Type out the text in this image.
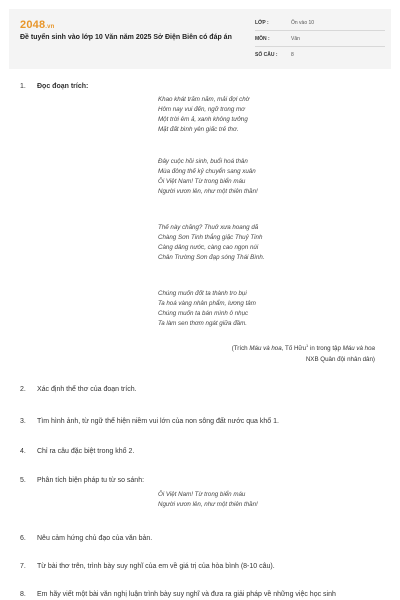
2048.vn
Đề tuyển sinh vào lớp 10 Văn năm 2025 Sở Điện Biên có đáp án
LỚP :	Ôn vào 10
MÔN :	Văn
SỐ CÂU :	8
1. Đọc đoạn trích:
Khao khát trăm năm, mải đợi chờ
Hôm nay vui đến, ngỡ trong mơ
Một trời êm ả, xanh không tưởng
Mặt đất bình yên giấc trẻ thơ.
Đây cuộc hồi sinh, buổi hoá thân
Mùa đông thế kỷ chuyển sang xuân
Ôi Việt Nam! Từ trong biển máu
Người vươn lên, như một thiên thần!
Thế này chăng? Thuở xưa hoang dã
Chàng Sơn Tinh thắng giặc Thuỷ Tinh
Càng dâng nước, càng cao ngọn núi
Chân Trường Sơn đạp sóng Thái Bình.
Chúng muốn đốt ta thành tro bụi
Ta hoá vàng nhân phẩm, lương tâm
Chúng muốn ta bán mình ô nhục
Ta làm sen thơm ngát giữa đầm.
(Trích Máu và hoa, Tố Hữu$^1$ in trong tập Máu và hoa
NXB Quân đội nhân dân)
2. Xác định thể thơ của đoạn trích.
3. Tìm hình ảnh, từ ngữ thể hiện niềm vui lớn của non sông đất nước qua khổ 1.
4. Chỉ ra câu đặc biệt trong khổ 2.
5. Phân tích biện pháp tu từ so sánh:
Ôi Việt Nam! Từ trong biển máu
Người vươn lên, như một thiên thần!
6. Nêu cảm hứng chủ đạo của văn bản.
7. Từ bài thơ trên, trình bày suy nghĩ của em về giá trị của hòa bình (8-10 câu).
8. Em hãy viết một bài văn nghị luận trình bày suy nghĩ và đưa ra giải pháp về những việc học sinh
